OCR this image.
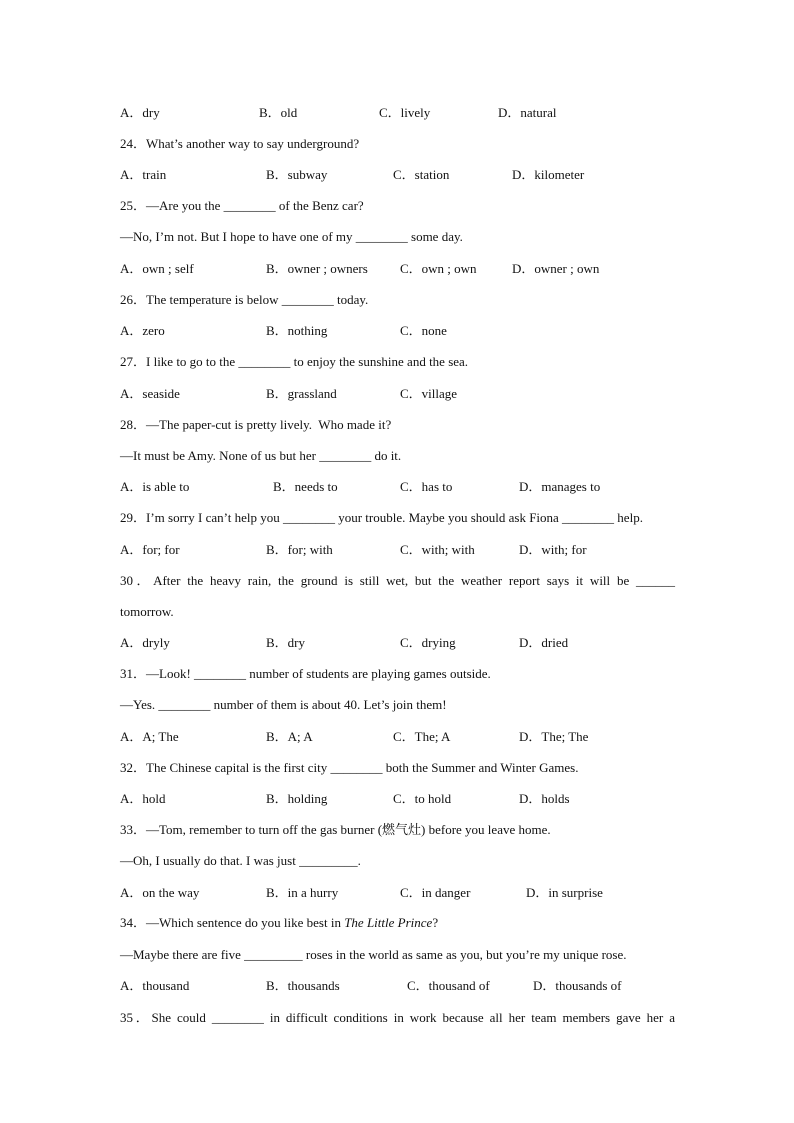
A．dry	B．old	C．lively	D．natural
24．What’s another way to say underground?
A．train	B．subway	C．station	D．kilometer
25．—Are you the ________ of the Benz car?
—No, I’m not. But I hope to have one of my ________ some day.
A．own ; self	B．owner ; owners C．own ; own	D．owner ; own
26．The temperature is below ________ today.
A．zero	B．nothing	C．none
27．I like to go to the ________ to enjoy the sunshine and the sea.
A．seaside	B．grassland	C．village
28．—The paper-cut is pretty lively.  Who made it?
—It must be Amy. None of us but her ________ do it.
A．is able to	B．needs to	C．has to	D．manages to
29．I’m sorry I can’t help you ________ your trouble. Maybe you should ask Fiona ________ help.
A．for; for	B．for; with	C．with; with	D．with; for
30．After the heavy rain, the ground is still wet, but the weather report says it will be ______
tomorrow.
A．dryly	B．dry	C．drying	D．dried
31．—Look! ________ number of students are playing games outside.
—Yes. ________ number of them is about 40. Let’s join them!
A．A; The	B．A; A	C．The; A	D．The; The
32．The Chinese capital is the first city ________ both the Summer and Winter Games.
A．hold	B．holding	C．to hold	D．holds
33．—Tom, remember to turn off the gas burner (燃气灶) before you leave home.
—Oh, I usually do that. I was just _________.
A．on the way	B．in a hurry	C．in danger	D．in surprise
34．—Which sentence do you like best in The Little Prince?
—Maybe there are five _________ roses in the world as same as you, but you’re my unique rose.
A．thousand	B．thousands	C．thousand of	D．thousands of
35．She could ________ in difficult conditions in work because all her team members gave her a
